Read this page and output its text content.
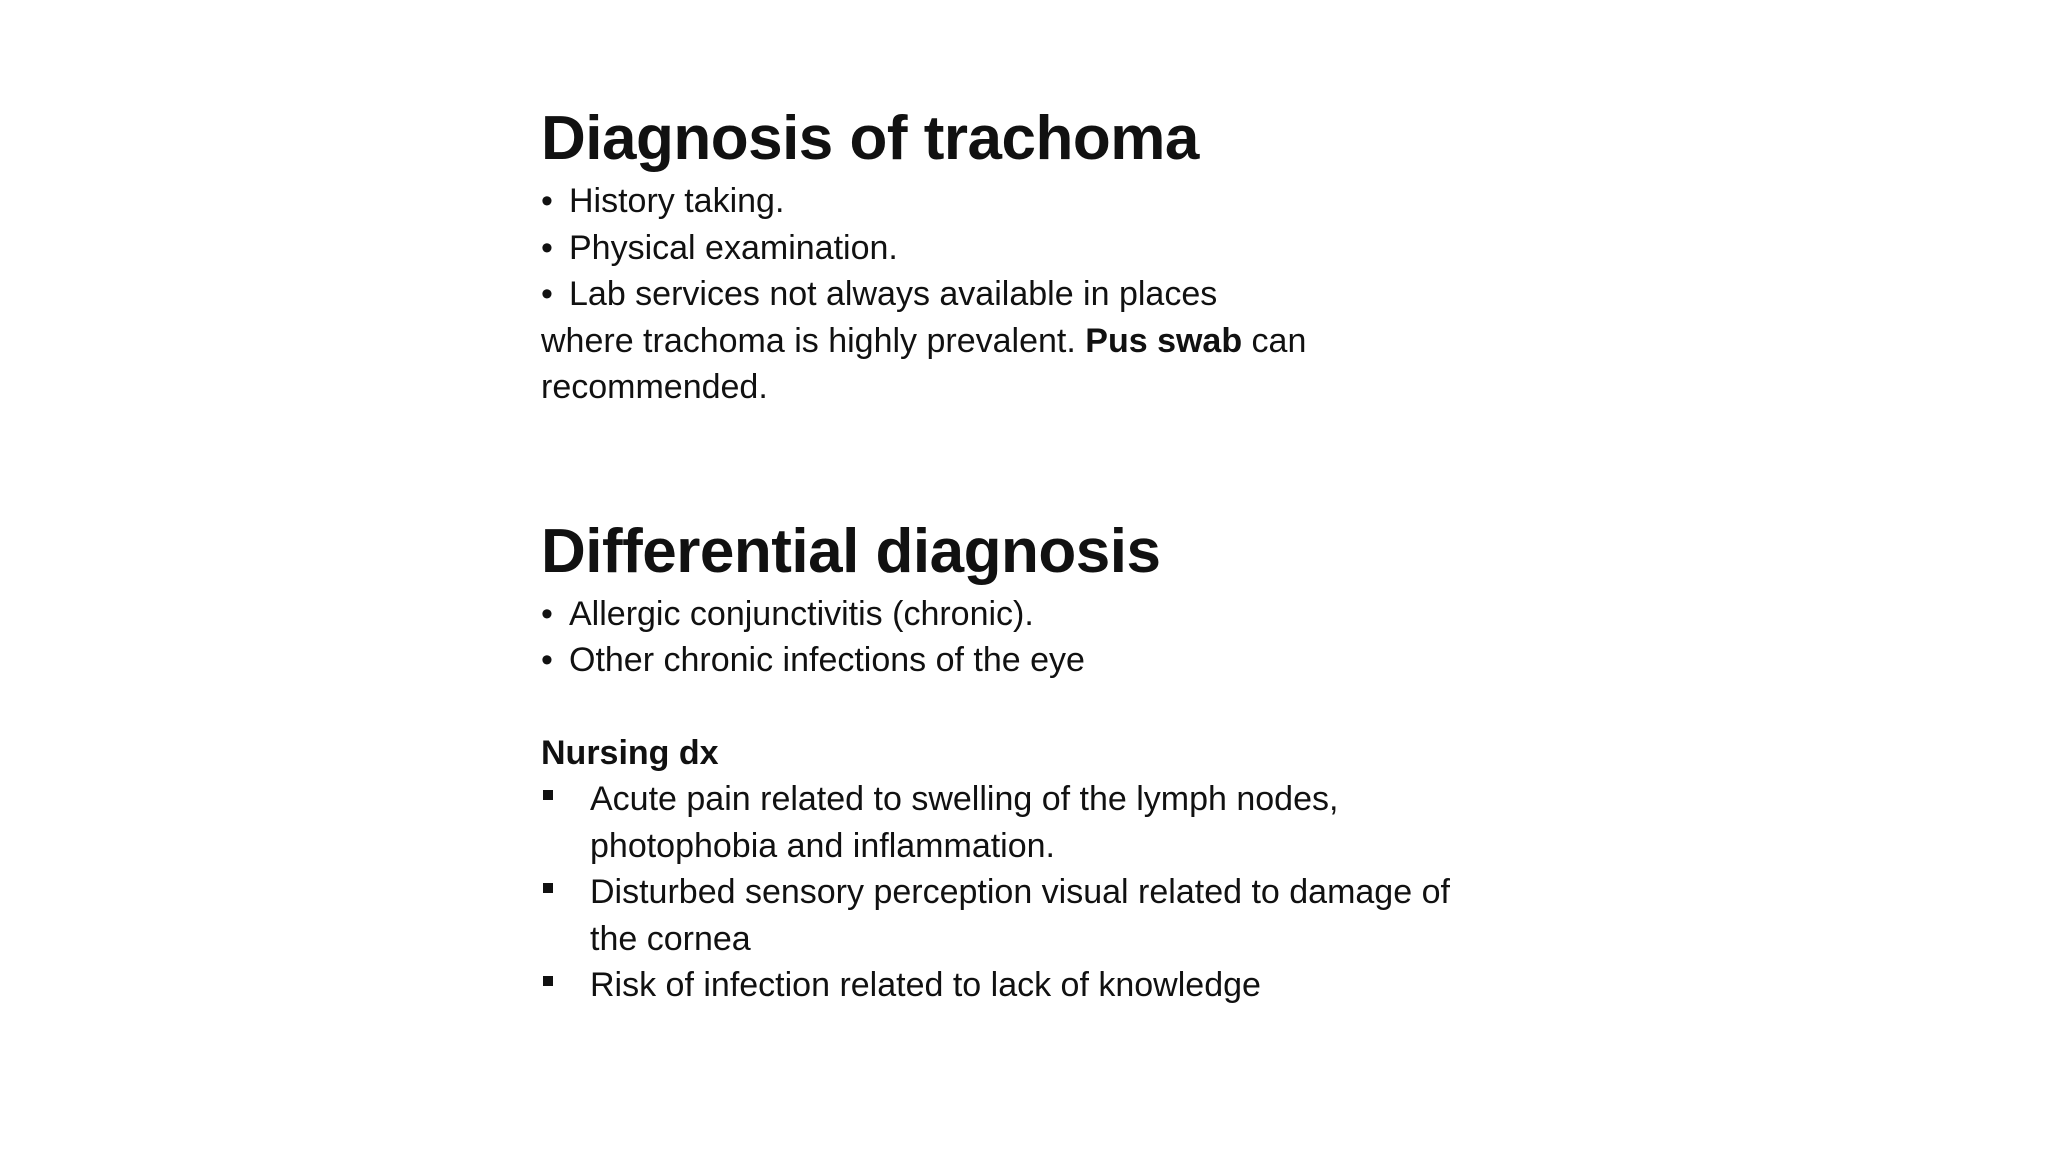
Diagnosis of trachoma
• History taking.
• Physical examination.
• Lab services not always available in places
where trachoma is highly prevalent. Pus swab can
recommended.
Differential diagnosis
• Allergic conjunctivitis (chronic).
• Other chronic infections of the eye
Nursing dx
Acute pain related to swelling of the lymph nodes,
photophobia and inflammation.
Disturbed sensory perception visual related to damage of
the cornea
Risk of infection related to lack of knowledge
